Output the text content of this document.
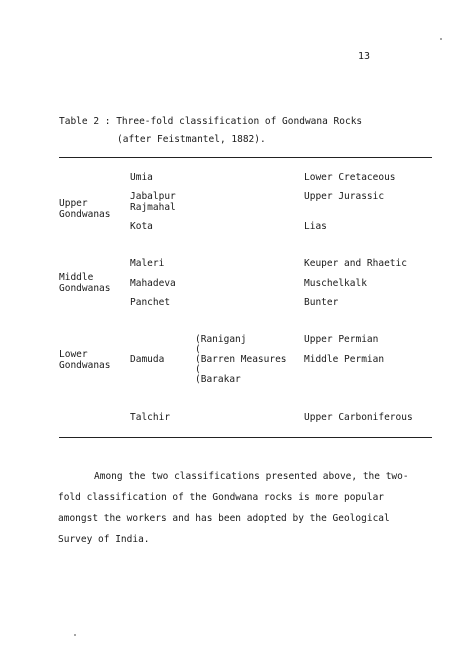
13
Table 2 : Three-fold classification of Gondwana Rocks
(after Feistmantel, 1882).
Upper
Gondwanas
Middle
Gondwanas
Lower
Gondwanas
Umia
Jabalpur
Rajmahal
Kota
Maleri
Mahadeva
Panchet
Damuda
Talchir
(Raniganj
(
(Barren Measures
(
(Barakar
Lower Cretaceous
Upper Jurassic
Lias
Keuper and Rhaetic
Muschelkalk
Bunter
Upper Permian
Middle Permian
Upper Carboniferous

Among the two classifications presented above, the two-

fold classification of the Gondwana rocks is more popular

amongst the workers and has been adopted by the Geological

Survey of India.
